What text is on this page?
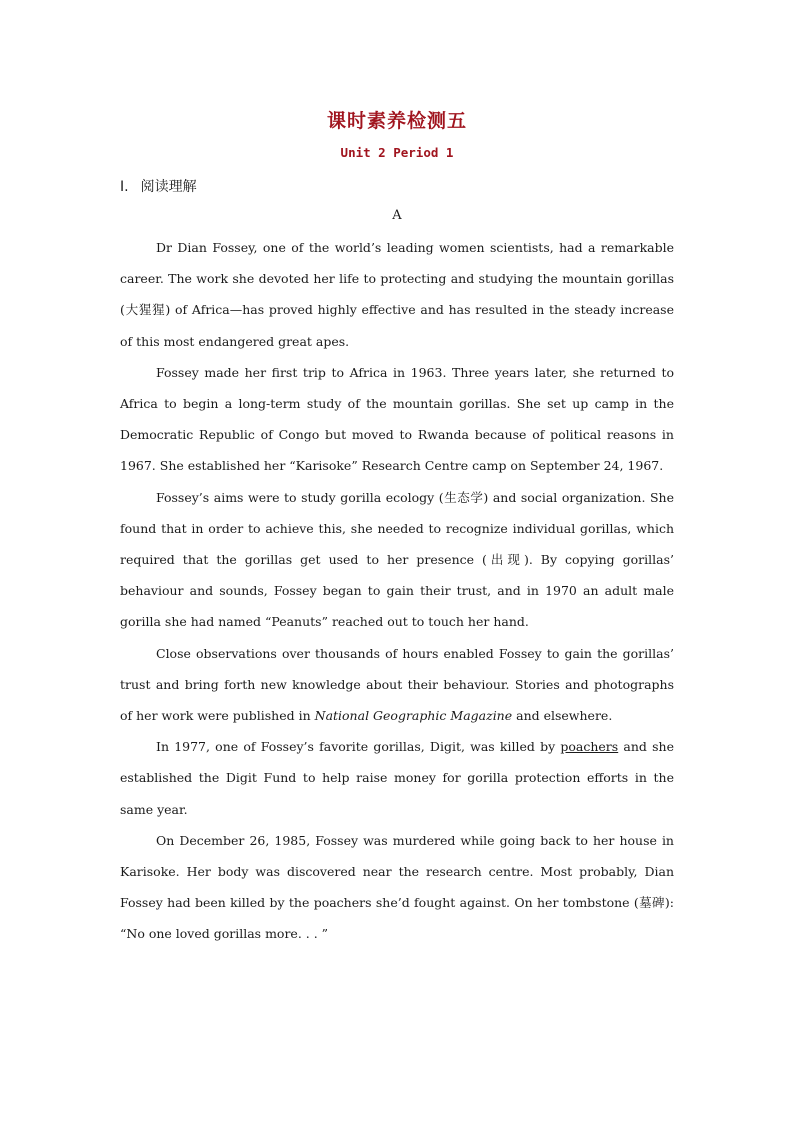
课时素养检测五
Unit 2 Period 1
Ⅰ. 阅读理解
A

Dr Dian Fossey, one of the world’s leading women scientists, had a remarkable career. The work she devoted her life to protecting and studying the mountain gorillas (大猩猩) of Africa—has proved highly effective and has resulted in the steady increase of this most endangered great apes.

Fossey made her first trip to Africa in 1963. Three years later, she returned to Africa to begin a long-term study of the mountain gorillas. She set up camp in the Democratic Republic of Congo but moved to Rwanda because of political reasons in 1967. She established her “Karisoke” Research Centre camp on September 24, 1967.

Fossey’s aims were to study gorilla ecology (生态学) and social organization. She found that in order to achieve this, she needed to recognize individual gorillas, which required that the gorillas get used to her presence (出现). By copying gorillas’ behaviour and sounds, Fossey began to gain their trust, and in 1970 an adult male gorilla she had named “Peanuts” reached out to touch her hand.

Close observations over thousands of hours enabled Fossey to gain the gorillas’ trust and bring forth new knowledge about their behaviour. Stories and photographs of her work were published in National Geographic Magazine and elsewhere.

In 1977, one of Fossey’s favorite gorillas, Digit, was killed by poachers and she established the Digit Fund to help raise money for gorilla protection efforts in the same year.

On December 26, 1985, Fossey was murdered while going back to her house in Karisoke. Her body was discovered near the research centre. Most probably, Dian Fossey had been killed by the poachers she’d fought against. On her tombstone (墓碑): “No one loved gorillas more. . . ”
